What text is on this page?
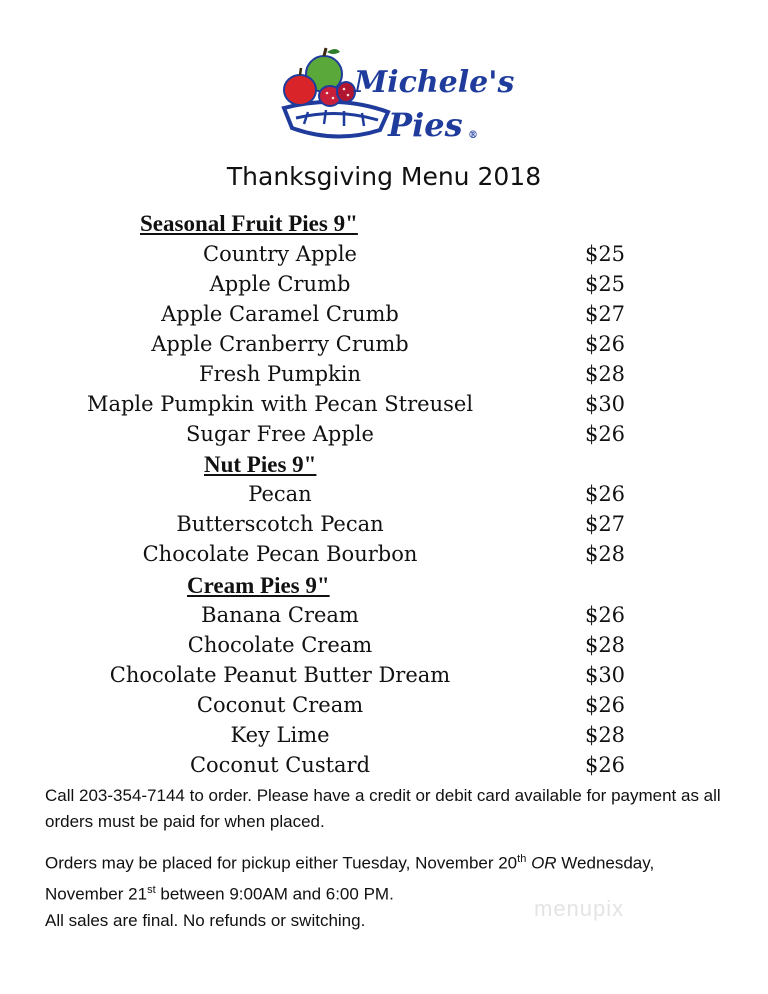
Michele's
Pies ®
Thanksgiving Menu 2018
Seasonal Fruit Pies 9"
Country Apple	$25
Apple Crumb	$25
Apple Caramel Crumb	$27
Apple Cranberry Crumb	$26
Fresh Pumpkin	$28
Maple Pumpkin with Pecan Streusel	$30
Sugar Free Apple	$26
Nut Pies 9"
Pecan	$26
Butterscotch Pecan	$27
Chocolate Pecan Bourbon	$28
Cream Pies 9"
Banana Cream	$26
Chocolate Cream	$28
Chocolate Peanut Butter Dream	$30
Coconut Cream	$26
Key Lime	$28
Coconut Custard	$26
Call 203-354-7144 to order. Please have a credit or debit card available for payment as all orders must be paid for when placed.
Orders may be placed for pickup either Tuesday, November 20th OR Wednesday, November 21st between 9:00AM and 6:00 PM.
All sales are final. No refunds or switching.	menupix
